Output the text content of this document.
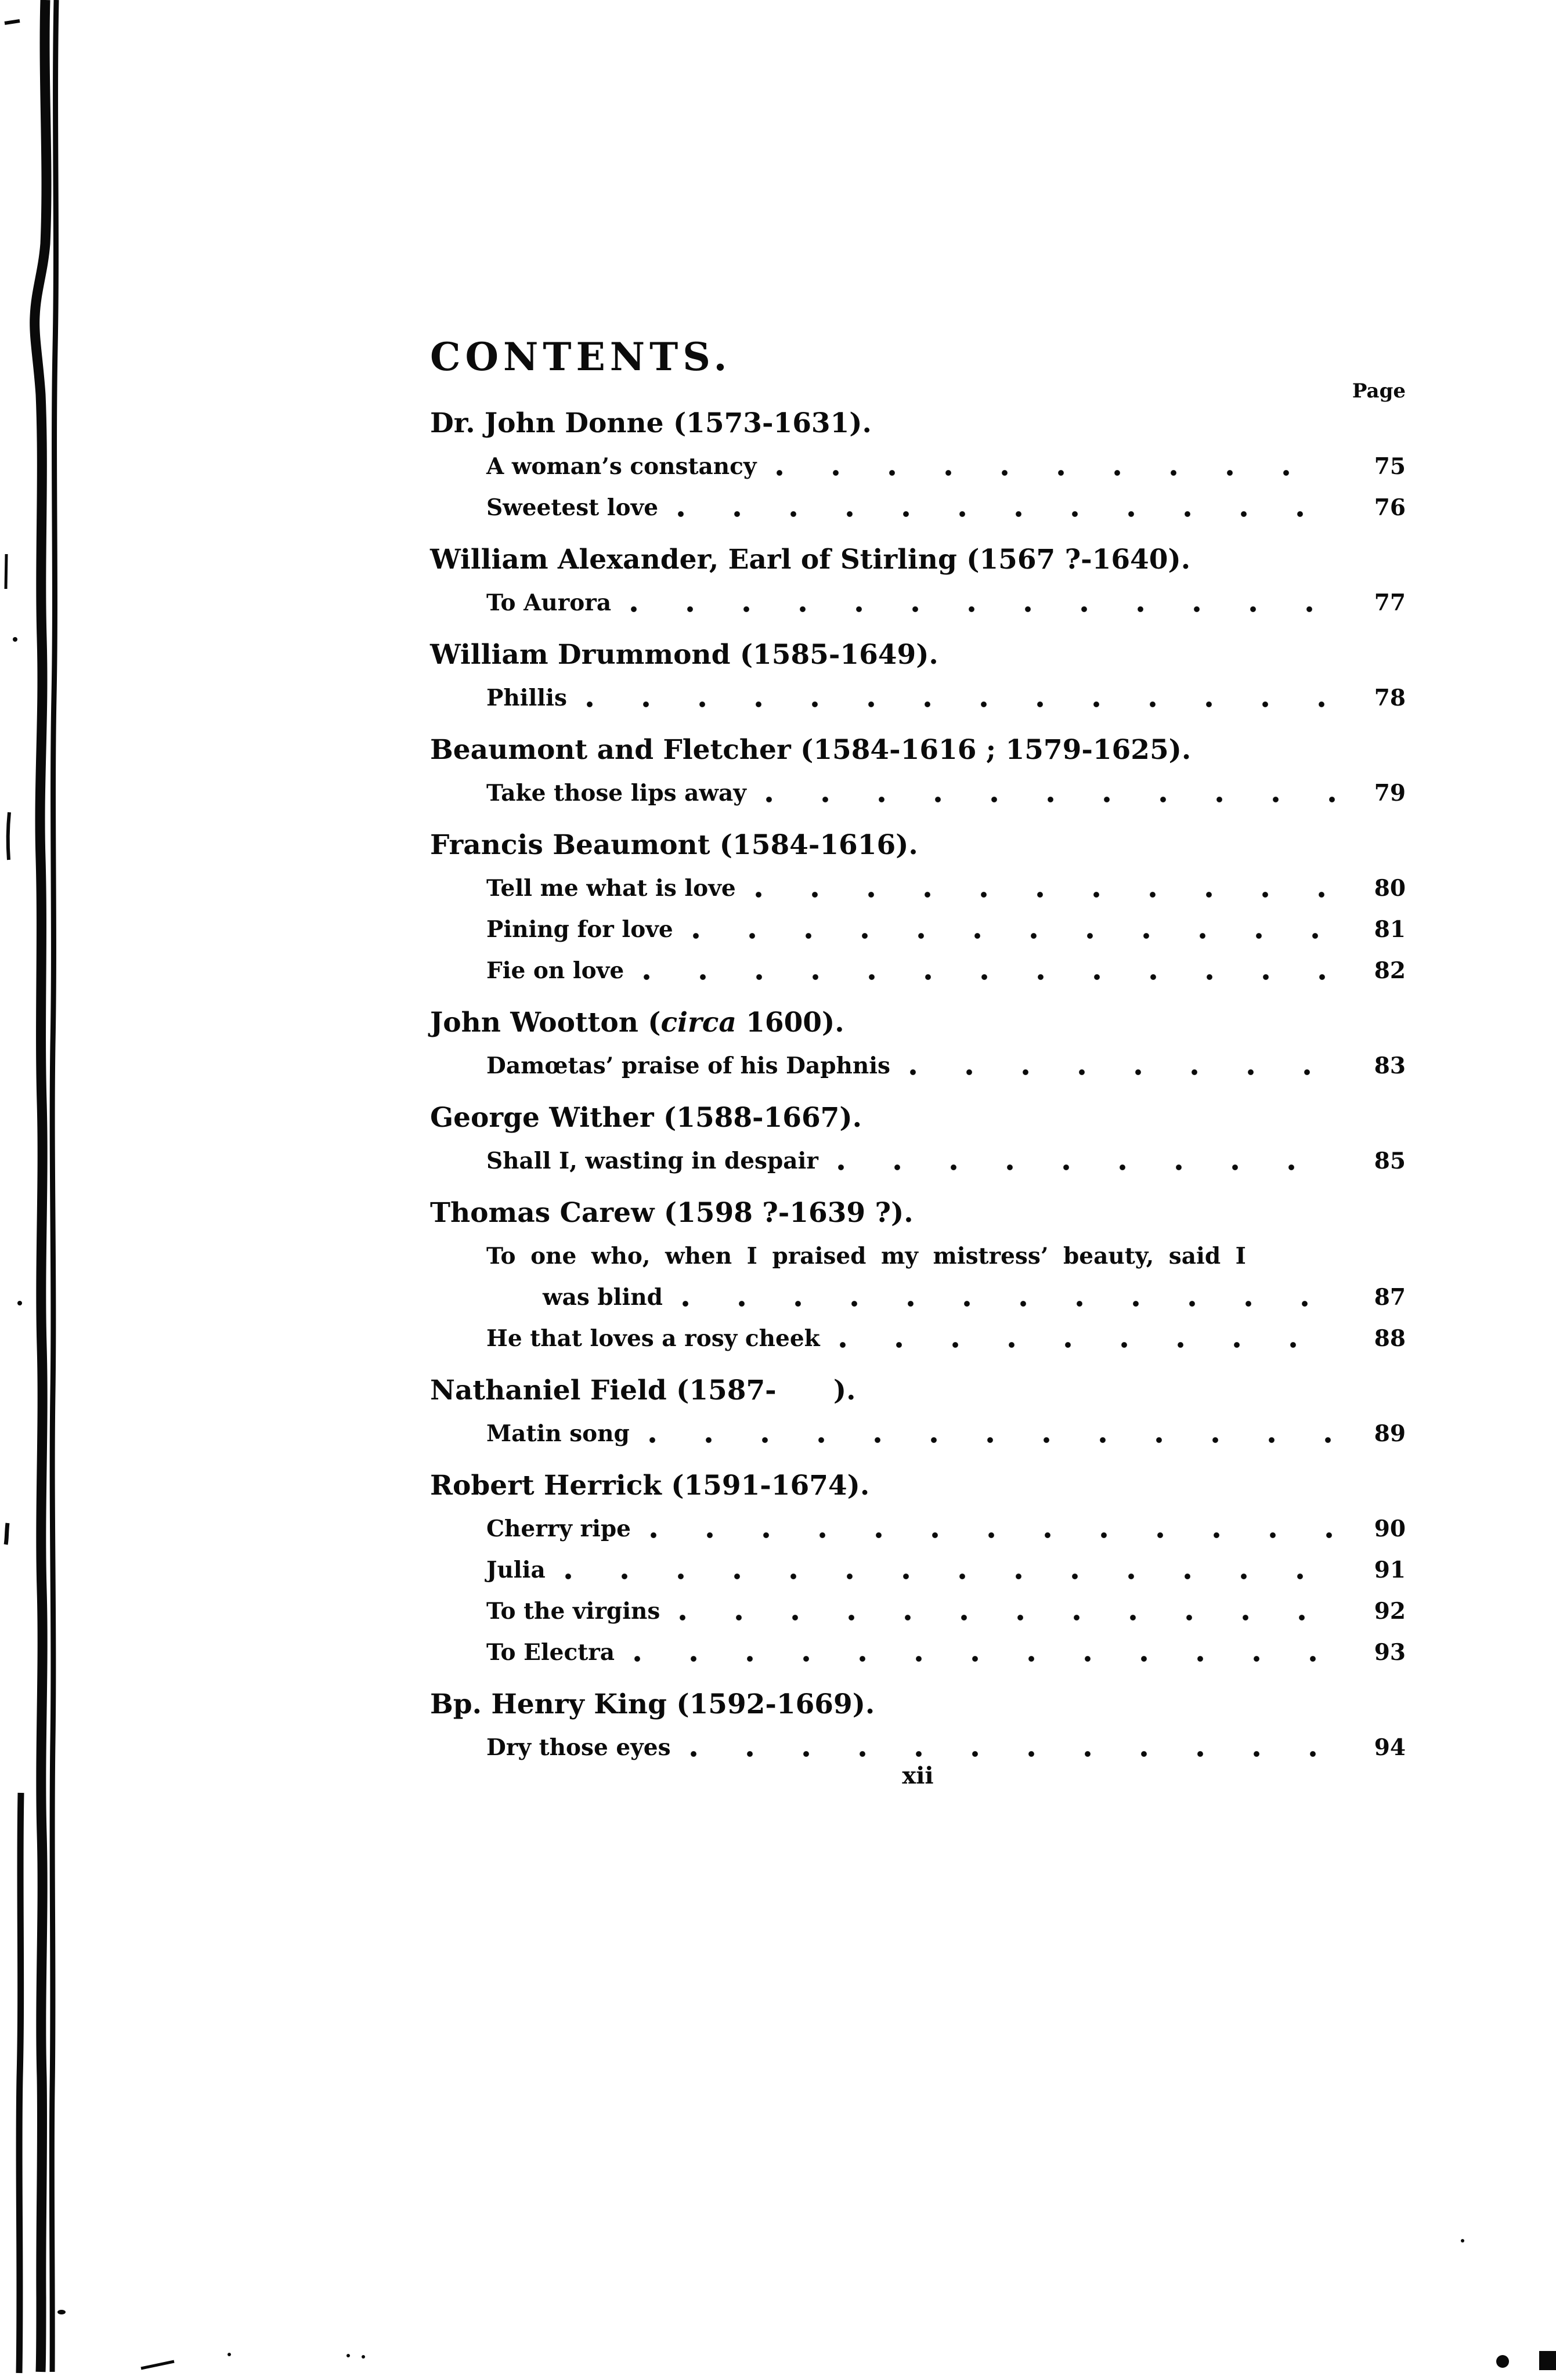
CONTENTS.
Page
Dr. John Donne (1573-1631).
A woman’s constancy	75
Sweetest love	76
William Alexander, Earl of Stirling (1567 ?-1640).
To Aurora	77
William Drummond (1585-1649).
Phillis	78
Beaumont and Fletcher (1584-1616 ; 1579-1625).
Take those lips away	79
Francis Beaumont (1584-1616).
Tell me what is love	80
Pining for love	81
Fie on love	82
John Wootton (circa 1600).
Damœtas’ praise of his Daphnis	83
George Wither (1588-1667).
Shall I, wasting in despair	85
Thomas Carew (1598 ?-1639 ?).
To one who, when I praised my mistress’ beauty, said I
was blind	87
He that loves a rosy cheek	88
Nathaniel Field (1587-      ).
Matin song	89
Robert Herrick (1591-1674).
Cherry ripe	90
Julia	91
To the virgins	92
To Electra	93
Bp. Henry King (1592-1669).
Dry those eyes	94
xii
